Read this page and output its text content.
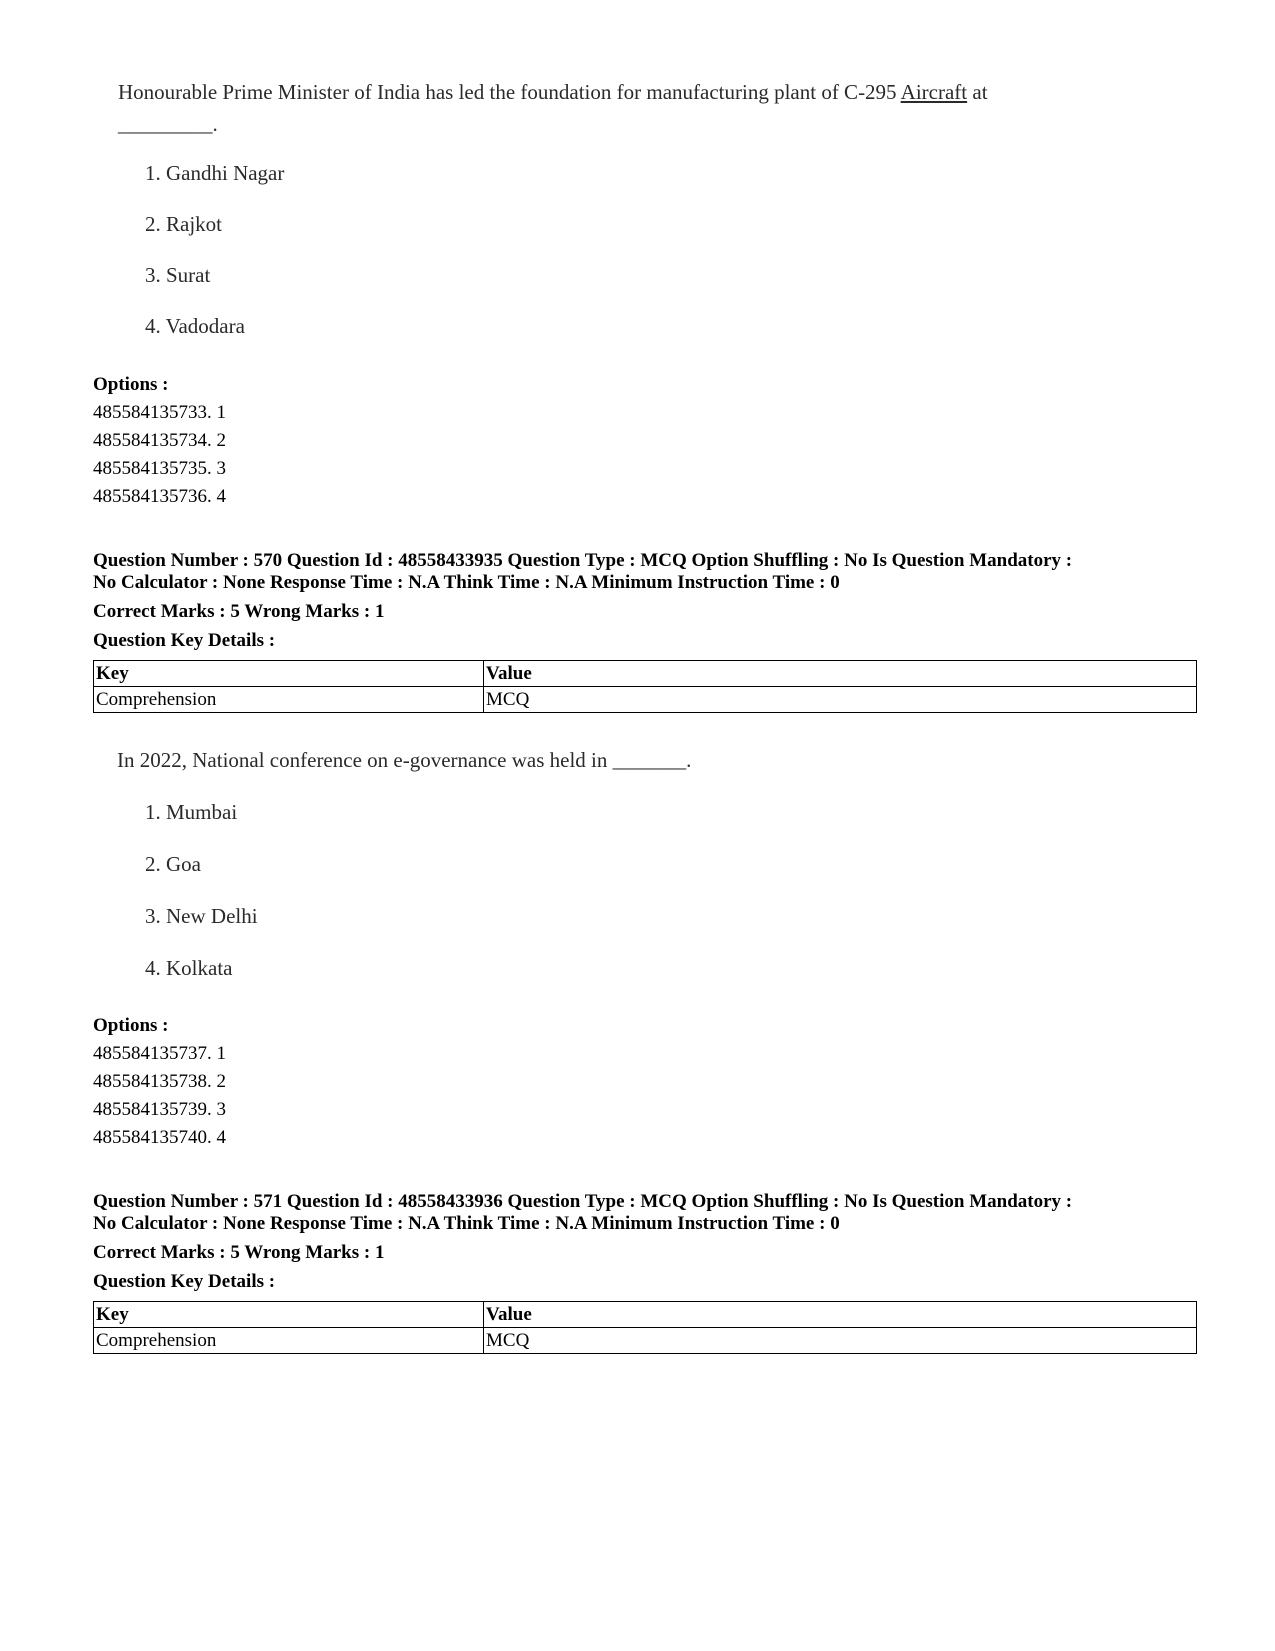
Honourable Prime Minister of India has led the foundation for manufacturing plant of C-295 Aircraft at
_________.
1. Gandhi Nagar
2. Rajkot
3. Surat
4. Vadodara
Options :
485584135733. 1
485584135734. 2
485584135735. 3
485584135736. 4
Question Number : 570 Question Id : 48558433935 Question Type : MCQ Option Shuffling : No Is Question Mandatory :
No Calculator : None Response Time : N.A Think Time : N.A Minimum Instruction Time : 0
Correct Marks : 5 Wrong Marks : 1
Question Key Details :
Key	Value
Comprehension	MCQ
In 2022, National conference on e-governance was held in _______.
1. Mumbai
2. Goa
3. New Delhi
4. Kolkata
Options :
485584135737. 1
485584135738. 2
485584135739. 3
485584135740. 4
Question Number : 571 Question Id : 48558433936 Question Type : MCQ Option Shuffling : No Is Question Mandatory :
No Calculator : None Response Time : N.A Think Time : N.A Minimum Instruction Time : 0
Correct Marks : 5 Wrong Marks : 1
Question Key Details :
Key	Value
Comprehension	MCQ
